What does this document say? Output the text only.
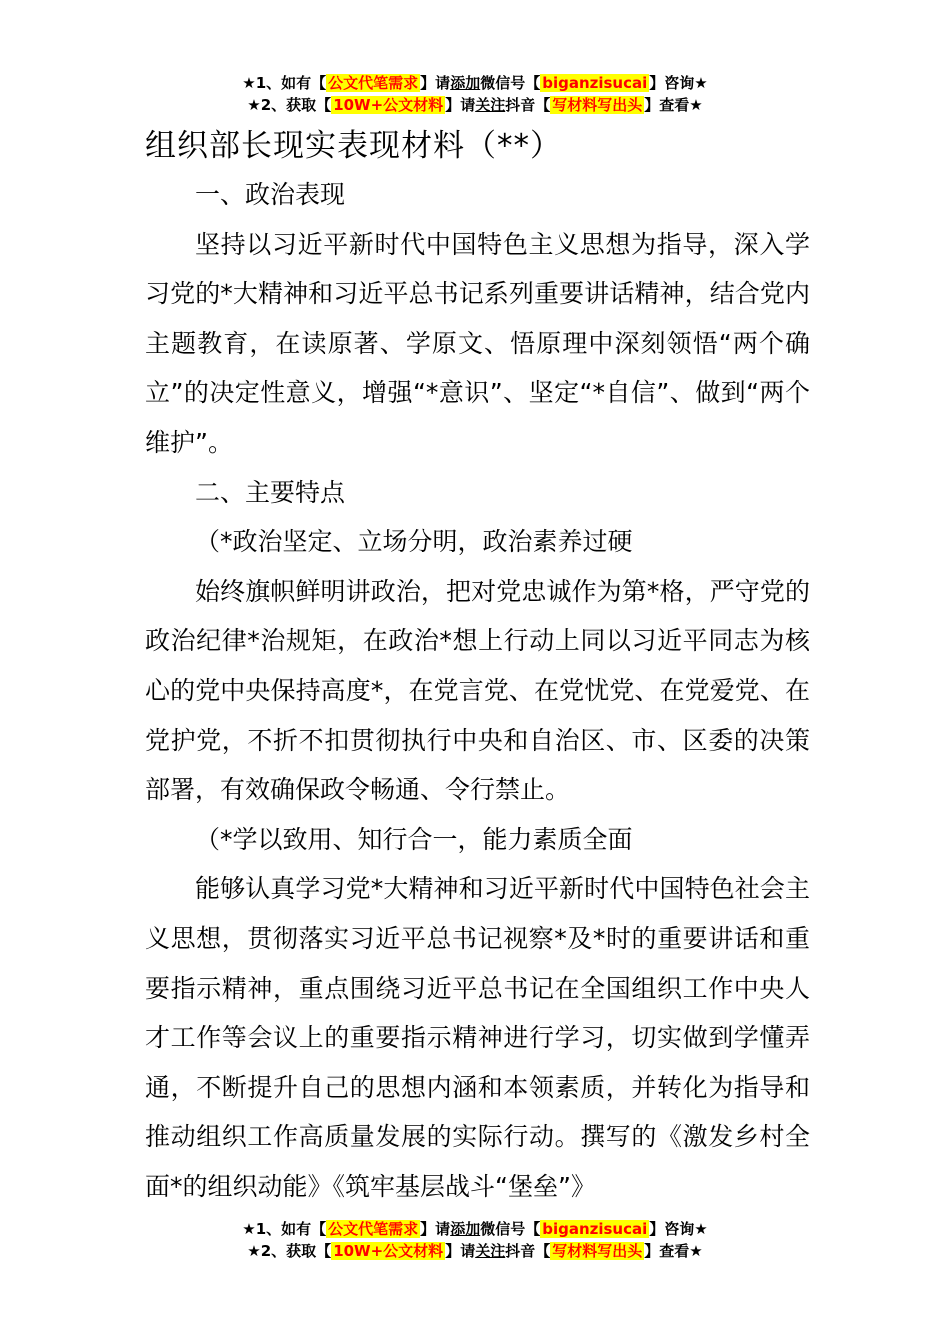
★1、如有【 公文代笔需求 】请添加微信号【 biganzisucai 】咨询★
★2、获取【 10W+公文材料 】请关注抖音【 写材料写出头 】查看★
组织部长现实表现材料（**）

一、政治表现

坚持以习近平新时代中国特色主义思想为指导，深入学习党的*大精神和习近平总书记系列重要讲话精神，结合党内主题教育，在读原著、学原文、悟原理中深刻领悟“两个确立”的决定性意义，增强“*意识”、坚定“*自信”、做到“两个维护”。

二、主要特点

（*政治坚定、立场分明，政治素养过硬

始终旗帜鲜明讲政治，把对党忠诚作为第*格，严守党的政治纪律*治规矩，在政治*想上行动上同以习近平同志为核心的党中央保持高度*，在党言党、在党忧党、在党爱党、在党护党，不折不扣贯彻执行中央和自治区、市、区委的决策部署，有效确保政令畅通、令行禁止。

（*学以致用、知行合一，能力素质全面

能够认真学习党*大精神和习近平新时代中国特色社会主义思想，贯彻落实习近平总书记视察*及*时的重要讲话和重要指示精神，重点围绕习近平总书记在全国组织工作中央人才工作等会议上的重要指示精神进行学习，切实做到学懂弄通，不断提升自己的思想内涵和本领素质，并转化为指导和推动组织工作高质量发展的实际行动。撰写的《激发乡村全面*的组织动能》《筑牢基层战斗“堡垒”》

★1、如有【 公文代笔需求 】请添加微信号【 biganzisucai 】咨询★
★2、获取【 10W+公文材料 】请关注抖音【 写材料写出头 】查看★
